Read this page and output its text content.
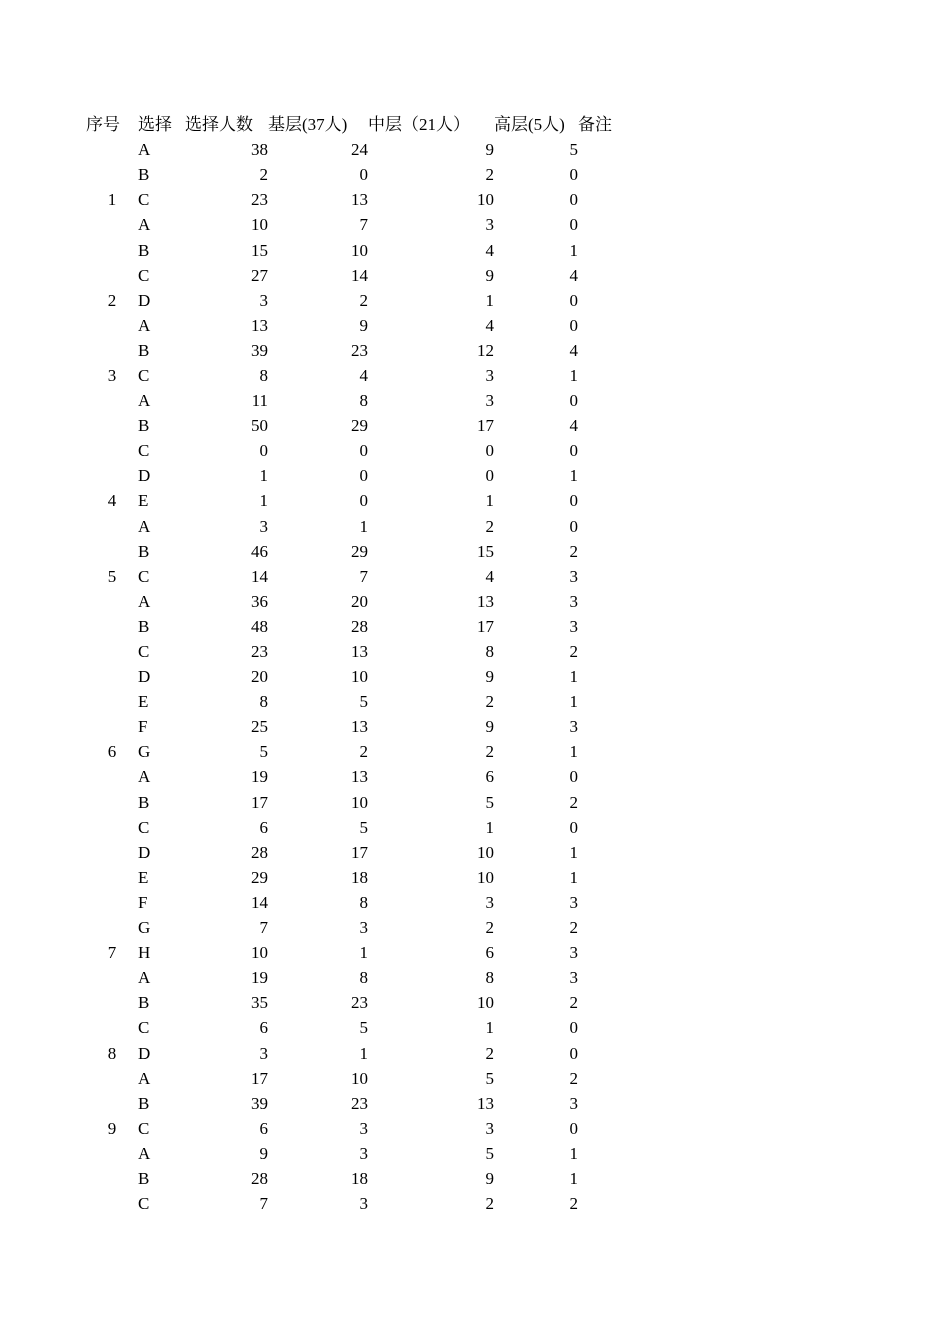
序号	选择	选择人数	基层(37人)	中层（21人）	高层(5人)	备注
	A	38	24	9	5	
	B	2	0	2	0	
1	C	23	13	10	0	
	A	10	7	3	0	
	B	15	10	4	1	
	C	27	14	9	4	
2	D	3	2	1	0	
	A	13	9	4	0	
	B	39	23	12	4	
3	C	8	4	3	1	
	A	11	8	3	0	
	B	50	29	17	4	
	C	0	0	0	0	
	D	1	0	0	1	
4	E	1	0	1	0	
	A	3	1	2	0	
	B	46	29	15	2	
5	C	14	7	4	3	
	A	36	20	13	3	
	B	48	28	17	3	
	C	23	13	8	2	
	D	20	10	9	1	
	E	8	5	2	1	
	F	25	13	9	3	
6	G	5	2	2	1	
	A	19	13	6	0	
	B	17	10	5	2	
	C	6	5	1	0	
	D	28	17	10	1	
	E	29	18	10	1	
	F	14	8	3	3	
	G	7	3	2	2	
7	H	10	1	6	3	
	A	19	8	8	3	
	B	35	23	10	2	
	C	6	5	1	0	
8	D	3	1	2	0	
	A	17	10	5	2	
	B	39	23	13	3	
9	C	6	3	3	0	
	A	9	3	5	1	
	B	28	18	9	1	
	C	7	3	2	2	
